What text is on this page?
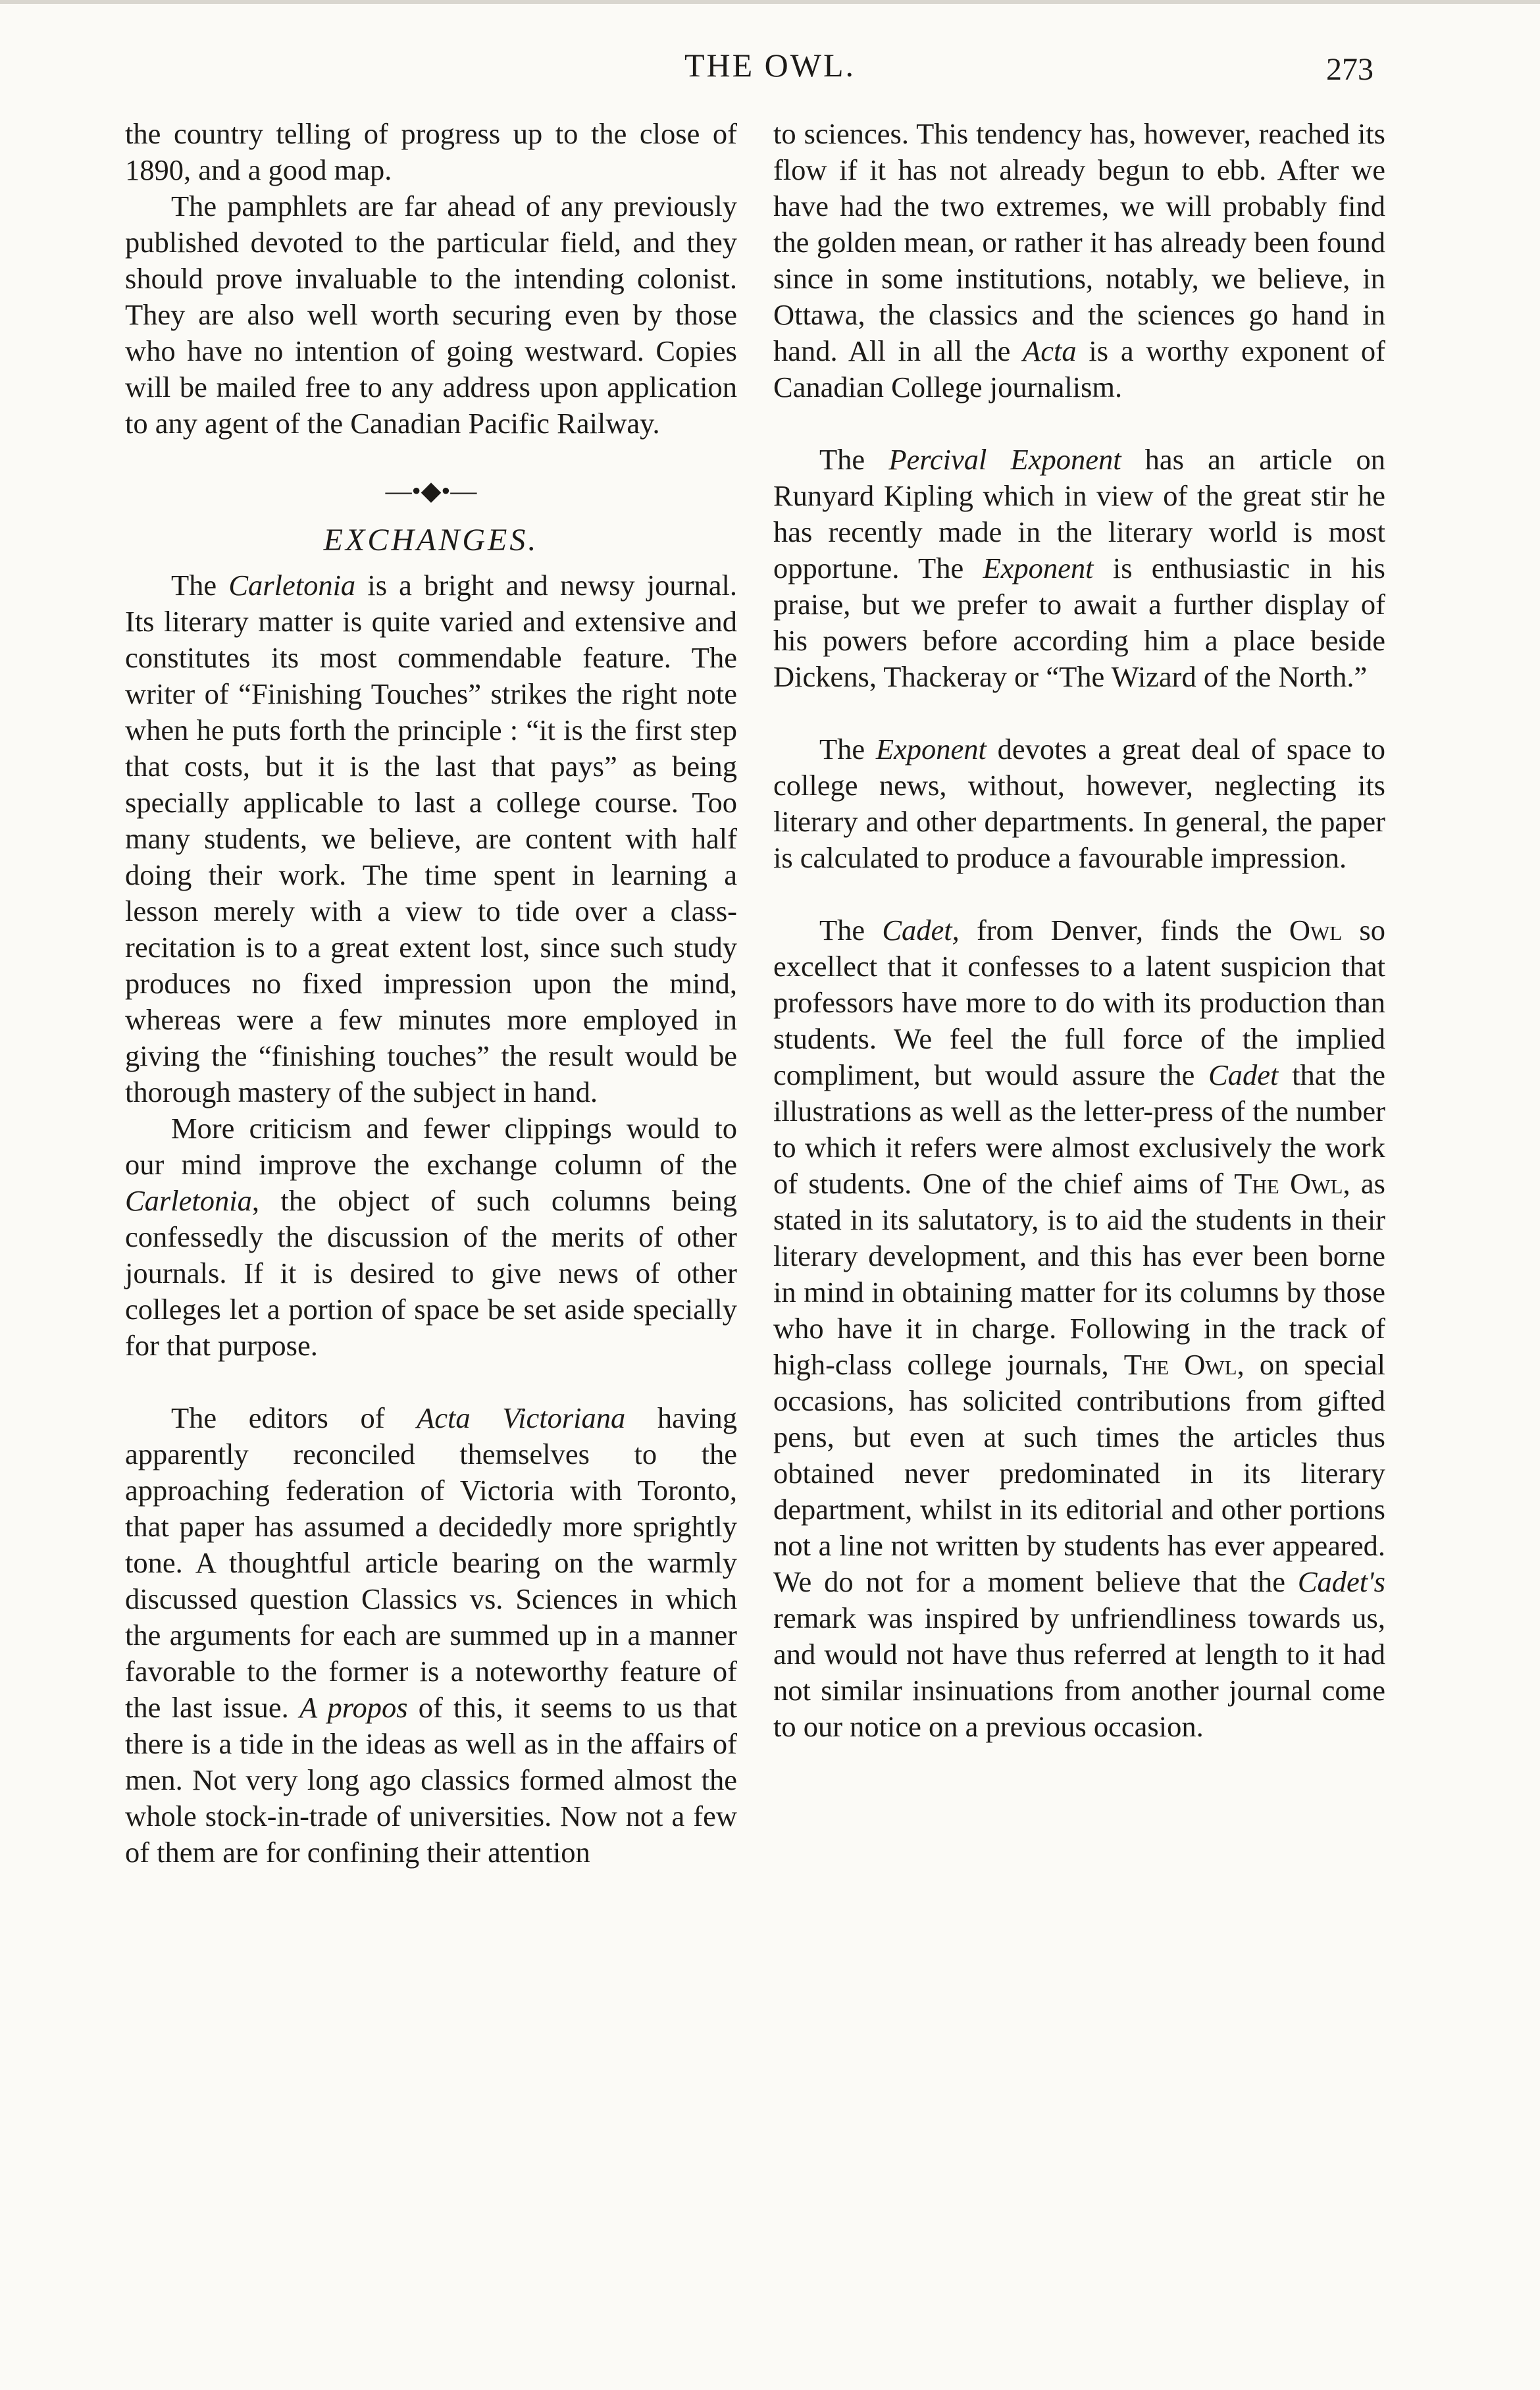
THE OWL.	273

the country telling of progress up to the close of 1890, and a good map.

The pamphlets are far ahead of any previously published devoted to the particular field, and they should prove invaluable to the intending colonist. They are also well worth securing even by those who have no intention of going westward. Copies will be mailed free to any address upon application to any agent of the Canadian Pacific Railway.

—•◆•—
EXCHANGES.

The Carletonia is a bright and newsy journal. Its literary matter is quite varied and extensive and constitutes its most commendable feature. The writer of “Finishing Touches” strikes the right note when he puts forth the principle : “it is the first step that costs, but it is the last that pays” as being specially applicable to last a college course. Too many students, we believe, are content with half doing their work. The time spent in learning a lesson merely with a view to tide over a class-recitation is to a great extent lost, since such study produces no fixed impression upon the mind, whereas were a few minutes more employed in giving the “finishing touches” the result would be thorough mastery of the subject in hand.

More criticism and fewer clippings would to our mind improve the exchange column of the Carletonia, the object of such columns being confessedly the discussion of the merits of other journals. If it is desired to give news of other colleges let a portion of space be set aside specially for that purpose.

The editors of Acta Victoriana having apparently reconciled themselves to the approaching federation of Victoria with Toronto, that paper has assumed a decidedly more sprightly tone. A thoughtful article bearing on the warmly discussed question Classics vs. Sciences in which the arguments for each are summed up in a manner favorable to the former is a noteworthy feature of the last issue. A propos of this, it seems to us that there is a tide in the ideas as well as in the affairs of men. Not very long ago classics formed almost the whole stock-in-trade of universities. Now not a few of them are for confining their attention

to sciences. This tendency has, however, reached its flow if it has not already begun to ebb. After we have had the two extremes, we will probably find the golden mean, or rather it has already been found since in some institutions, notably, we believe, in Ottawa, the classics and the sciences go hand in hand. All in all the Acta is a worthy exponent of Canadian College journalism.

The Percival Exponent has an article on Runyard Kipling which in view of the great stir he has recently made in the literary world is most opportune. The Exponent is enthusiastic in his praise, but we prefer to await a further display of his powers before according him a place beside Dickens, Thackeray or “The Wizard of the North.”

The Exponent devotes a great deal of space to college news, without, however, neglecting its literary and other departments. In general, the paper is calculated to produce a favourable impression.

The Cadet, from Denver, finds the Owl so excellect that it confesses to a latent suspicion that professors have more to do with its production than students. We feel the full force of the implied compliment, but would assure the Cadet that the illustrations as well as the letter-press of the number to which it refers were almost exclusively the work of students. One of the chief aims of The Owl, as stated in its salutatory, is to aid the students in their literary development, and this has ever been borne in mind in obtaining matter for its columns by those who have it in charge. Following in the track of high-class college journals, The Owl, on special occasions, has solicited contributions from gifted pens, but even at such times the articles thus obtained never predominated in its literary department, whilst in its editorial and other portions not a line not written by students has ever appeared. We do not for a moment believe that the Cadet's remark was inspired by unfriendliness towards us, and would not have thus referred at length to it had not similar insinuations from another journal come to our notice on a previous occasion.
